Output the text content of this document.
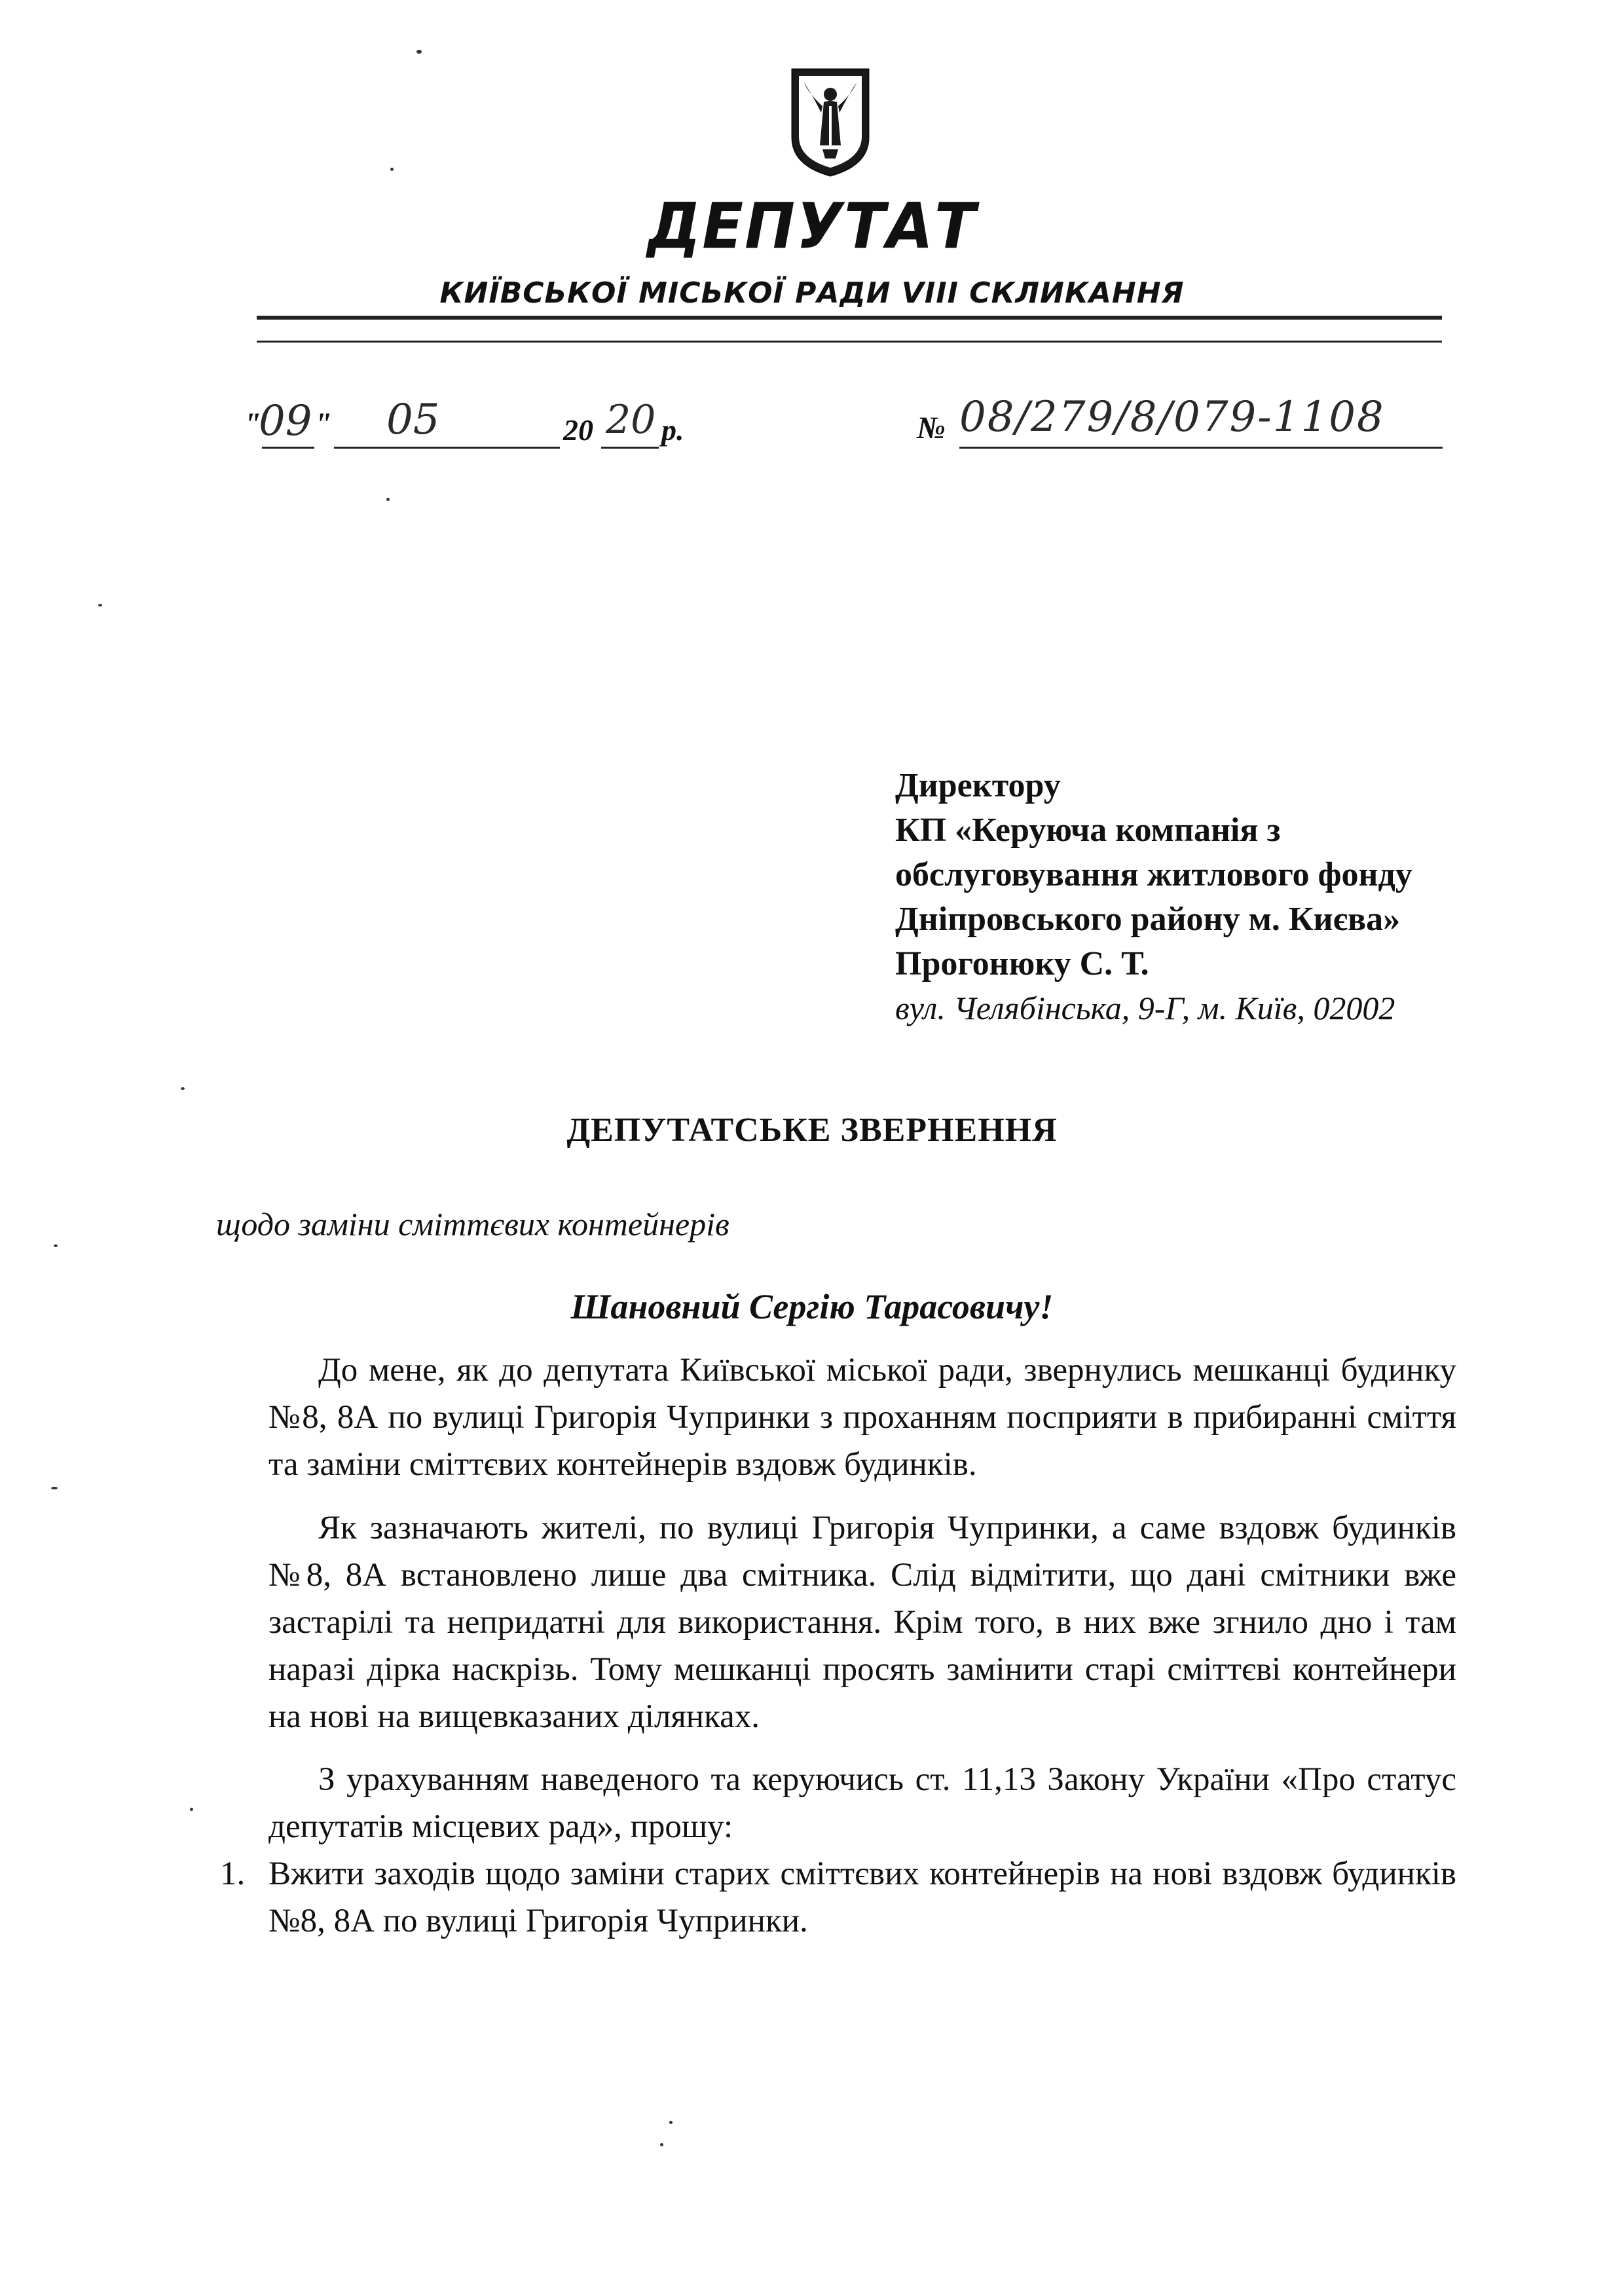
ДЕПУТАТ
КИЇВСЬКОЇ МІСЬКОЇ РАДИ VIII СКЛИКАННЯ
"
09 " 05	20 20 р.	№ 08/279/8/079-1108
Директору
КП «Керуюча компанія з
обслуговування житлового фонду
Дніпровського району м. Києва»
Прогонюку С. Т.
вул. Челябінська, 9-Г, м. Київ, 02002
ДЕПУТАТСЬКЕ ЗВЕРНЕННЯ
щодо заміни сміттєвих контейнерів
Шановний Сергію Тарасовичу!

До мене, як до депутата Київської міської ради, звернулись мешканці будинку №8, 8А по вулиці Григорія Чупринки з проханням посприяти в прибиранні сміття та заміни сміттєвих контейнерів вздовж будинків.

Як зазначають жителі, по вулиці Григорія Чупринки, а саме вздовж будинків №8, 8А встановлено лише два смітника. Слід відмітити, що дані смітники вже застарілі та непридатні для використання. Крім того, в них вже згнило дно і там наразі дірка наскрізь. Тому мешканці просять замінити старі сміттєві контейнери на нові на вищевказаних ділянках.

З урахуванням наведеного та керуючись ст. 11,13 Закону України «Про статус депутатів місцевих рад», прошу:

1. Вжити заходів щодо заміни старих сміттєвих контейнерів на нові вздовж будинків №8, 8А по вулиці Григорія Чупринки.
